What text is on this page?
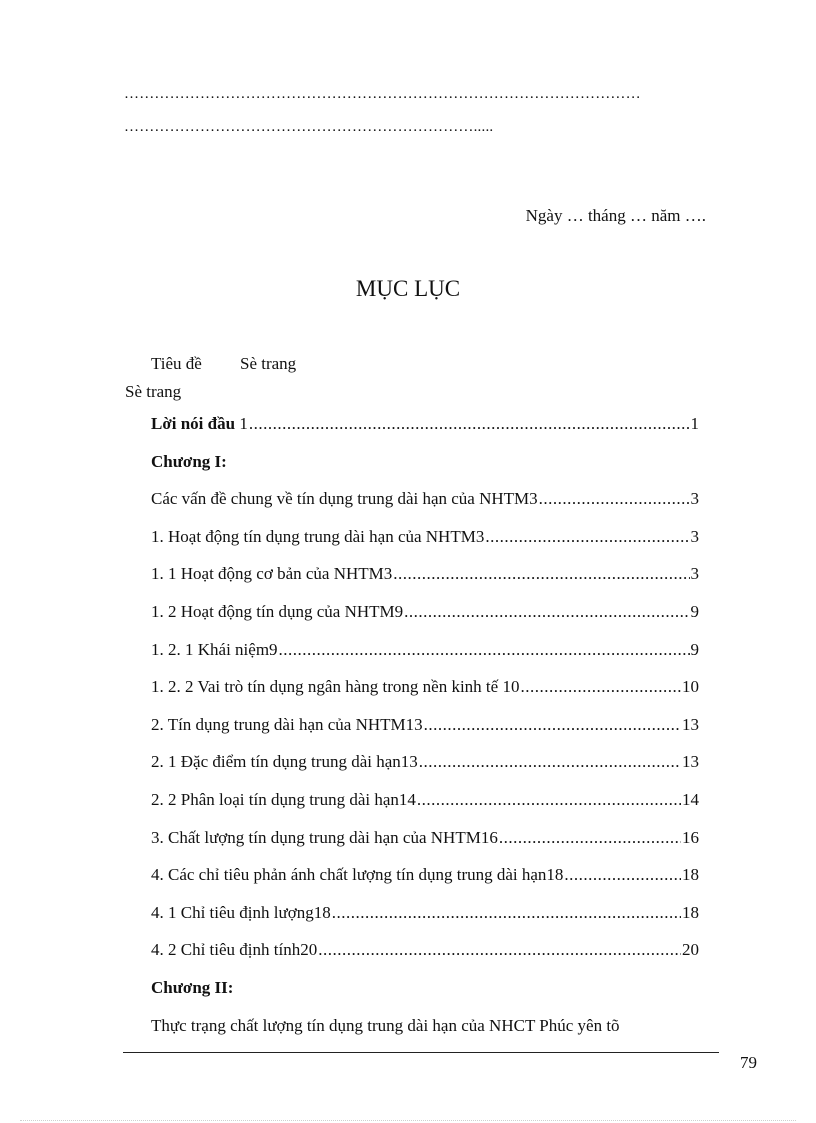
…………………………………………………………………………………………
…………………………………………………………….....
Ngày … tháng … năm ….
MỤC LỤC
Tiêu đề Sè trang
Sè trang
Lời nói đầu 1 .....	1
Chương I:
Các vấn đề chung về tín dụng trung dài hạn của NHTM3 .....	3
1. Hoạt động tín dụng trung dài hạn của NHTM3 .....	3
1. 1 Hoạt động cơ bản của NHTM3 .....	3
1. 2 Hoạt động tín dụng của NHTM9 .....	9
1. 2. 1 Khái niệm9 .....	9
1. 2. 2 Vai trò tín dụng ngân hàng trong nền kinh tế 10 .....	10
2. Tín dụng trung dài hạn của NHTM13 .....	13
2. 1 Đặc điểm tín dụng trung dài hạn13 .....	13
2. 2 Phân loại tín dụng trung dài hạn14 .....	14
3. Chất lượng tín dụng trung dài hạn của NHTM16 .....	16
4. Các chỉ tiêu phản ánh chất lượng tín dụng trung dài hạn18 .....	18
4. 1 Chỉ tiêu định lượng18 .....	18
4. 2 Chỉ tiêu định tính20 .....	20
Chương II:
Thực trạng chất lượng tín dụng trung dài hạn của NHCT Phúc yên tõ
79
